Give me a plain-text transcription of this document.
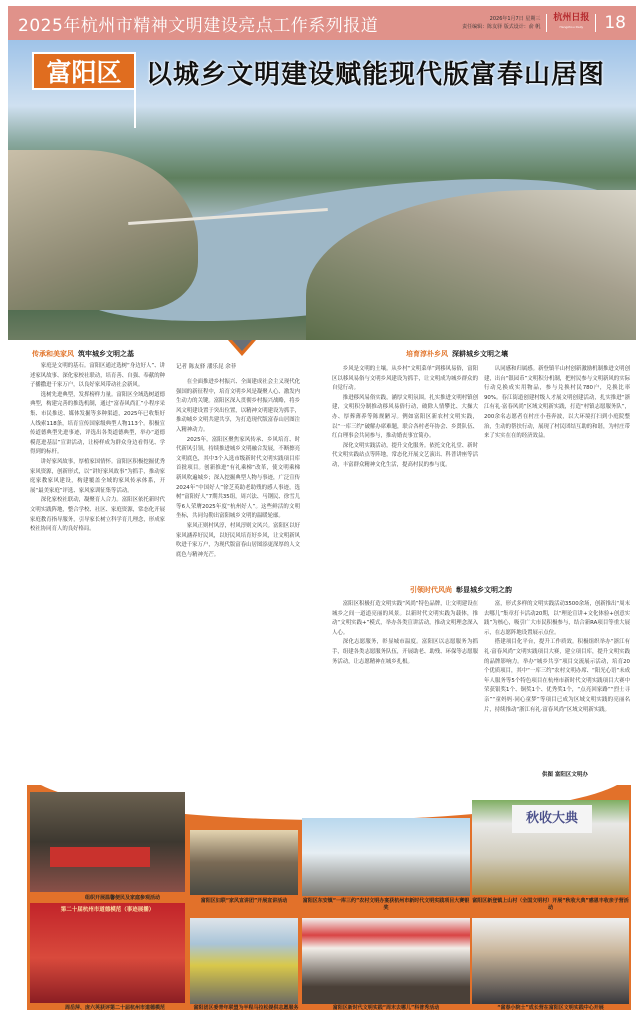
2025年杭州市精神文明建设亮点工作系列报道	2026年1月7日 星期三
责任编辑：陈友驿 版式设计：俞 帆
杭州日报
Hangzhou Daily	18
富阳区 以城乡文明建设赋能现代版富春山居图
传承和美家风 筑牢城乡文明之基
记者 陈友驿 潘乐昆 余菲
培育淳朴乡风 深耕城乡文明之壤
引领时代风尚 彰显城乡文明之韵

家庭是文明的基石。富阳区通过选树“身边好人”、讲述家风故事、深化家校社联动，培育善、自强、奉献的种子播撒进千家万户，以良好家风带动社会新风。

选树先进典型，发挥榜样力量。富阳区全域选树道德典型，构建完善的推选机制，通过“富春风尚汇”小程序采集、市民推送、媒体发掘等多种渠道，2025年已收集好人线索118条，培育宣传国家级典型人物113个。积极宣传道德典型先进事迹，评选出各类道德典型，举办“道德模范进基层”宣讲活动，让榜样成为群众身边看得见、学得到的标杆。

讲好家风故事，厚植家国情怀。富阳区积极挖掘优秀家风资源，创新形式，以“讲好家风故事”为抓手，推动家庭家教家风建设，构建覆盖全域的家风传承体系，开展“最美家庭”评选、家风家训征集等活动。

深化家校社联动，凝聚育人合力。富阳区依托新时代文明实践阵地，整合学校、社区、家庭资源，常态化开展家庭教育指导服务，引导家长树立科学育儿理念，形成家校社协同育人的良好格局。

在全面推进乡村振兴、全面建成社会主义现代化强国的新征程中，培育文明乡风是凝聚人心、激发内生动力的关键。富阳区深入贯彻乡村振兴战略，将乡风文明建设置于突出位置，以精神文明建设为抓手，推动城乡文明共建共享，为打造现代版富春山居图注入精神动力。

2025年，富阳区聚焦家风传承、乡风培育、时代新风引领，持续推进城乡文明融合发展，不断擦亮文明底色，其中3个入选市级新时代文明实践项目库首批项目。创新推进“有礼乘梯”改革，使文明乘梯新风吹遍城乡；深入挖掘典型人物与事迹，广泛宣传2024年“中国好人”徐芝英助老助残的感人事迹，选树“富阳好人”7期共35组，周兴法、马钢民、徐雪儿等6人荣膺2025年度“杭州好人”。这些鲜活的文明坐标，共同勾勒出富阳城乡文明的温暖轮廓。

家风正则村风淳，村风淳则文风兴。富阳区以好家风涵养好民风，以好民风培育好乡风，让文明新风吹进千家万户，为现代版富春山居图添更深厚的人文底色与精神光芒。

乡风是文明的土壤。从乡村“文明菜单”到移风易俗，富阳区以移风易俗与文明乡风建设为抓手，让文明成为城乡群众的自觉行动。

推进移风易俗实践，涵厚文明氛围。扎实推进文明村镇创建，文明积分制推动移风易俗行动，破除人情攀比、大操大办、厚葬薄养等陈规陋习。例如富阳区新农村文明实践，以“一库三约”破解办席难题，联合各村老年协会、乡贤队伍、红白理事会共同参与，推动婚丧事宜简办。

深化文明实践活动，提升文化服务。依托文化礼堂、新时代文明实践站点等阵地，常态化开展文艺演出、科普讲座等活动，丰富群众精神文化生活，提高村民的参与度。

认同感和归属感。新登镇半山村创新激励机制推进文明创建，出台“银园币”文明积分机制，把村民参与文明新风的实际行动兑换成实用物品，参与兑换村民780户，兑换比率90%。春江街道创建村级人才展文明创建活动，扎实推进“浙江有礼·富春风尚”区域文明新实践，打造“村镇志愿服务队”，200余名志愿者在村庄小巷奔波，以大环境打扫到小庭院整治，生动的帮扶行动，展现了村民团结互助的和谐，为村庄带来了实实在在的经济效益。

富阳区积极打造文明实践“风尚”特色品牌，让文明建设在城乡之间一道道亮丽的风景。以新时代文明实践为载体，推动“文明实践+”模式，举办各类宣讲活动，推动文明理念深入人心。

深化志愿服务，彰显城市温度。富阳区以志愿服务为抓手，组建各类志愿服务队伍，开展助老、助残、环保等志愿服务活动，让志愿精神在城乡扎根。

富，形式多样的文明实践活动3500余场，创新推出“周末去哪儿”集章打卡活动20期，以“理论宣讲+文化体验+创意实践”为核心，吸引广大市民积极参与，结合新RA项目等重大展示，在志愿阵地设置展示点位。

搭建项目化平台，提升工作质效。积极组织举办“浙江有礼·富春风尚”文明实践项目大赛，建立项目库，提升文明实践的品牌影响力。举办“城乡共享”项目交流展示活动，培育20个优质项目，其中“一库三约”农村文明办席、“阳光心语”未成年人服务等5个特色项目在杭州市新时代文明实践项目大赛中荣获银奖1个、铜奖1个、优秀奖1个，“点亮回家路”“烈士寻亲”“童妈妈·同心童梦”等项目已成为区域文明实践的亮丽名片，持续推动“浙江有礼·富春风尚”区域文明新实践。

供图 富阳区文明办
组织开展温馨便民及家庭参观活动	富阳区妇联“家风宣讲团”开展宣讲活动	富阳区东安镇“一库三约”农村文明办宴获杭州市新时代文明实践项目大赛银奖
秋收大典
富阳区新登镇上山村（全国文明村）开展“秋收大典”感恩丰收亲子营活动
第二十届杭州市道德模范（事迹展播）
周岳萍、庞六英获评第二十届杭州市道德模范	富阳团区委青年联盟为半程马拉松提供志愿服务	富阳区新时代文明实践“周末去哪儿”科普秀活动	“富春小院士”成长营在富阳区文明实践中心开展
